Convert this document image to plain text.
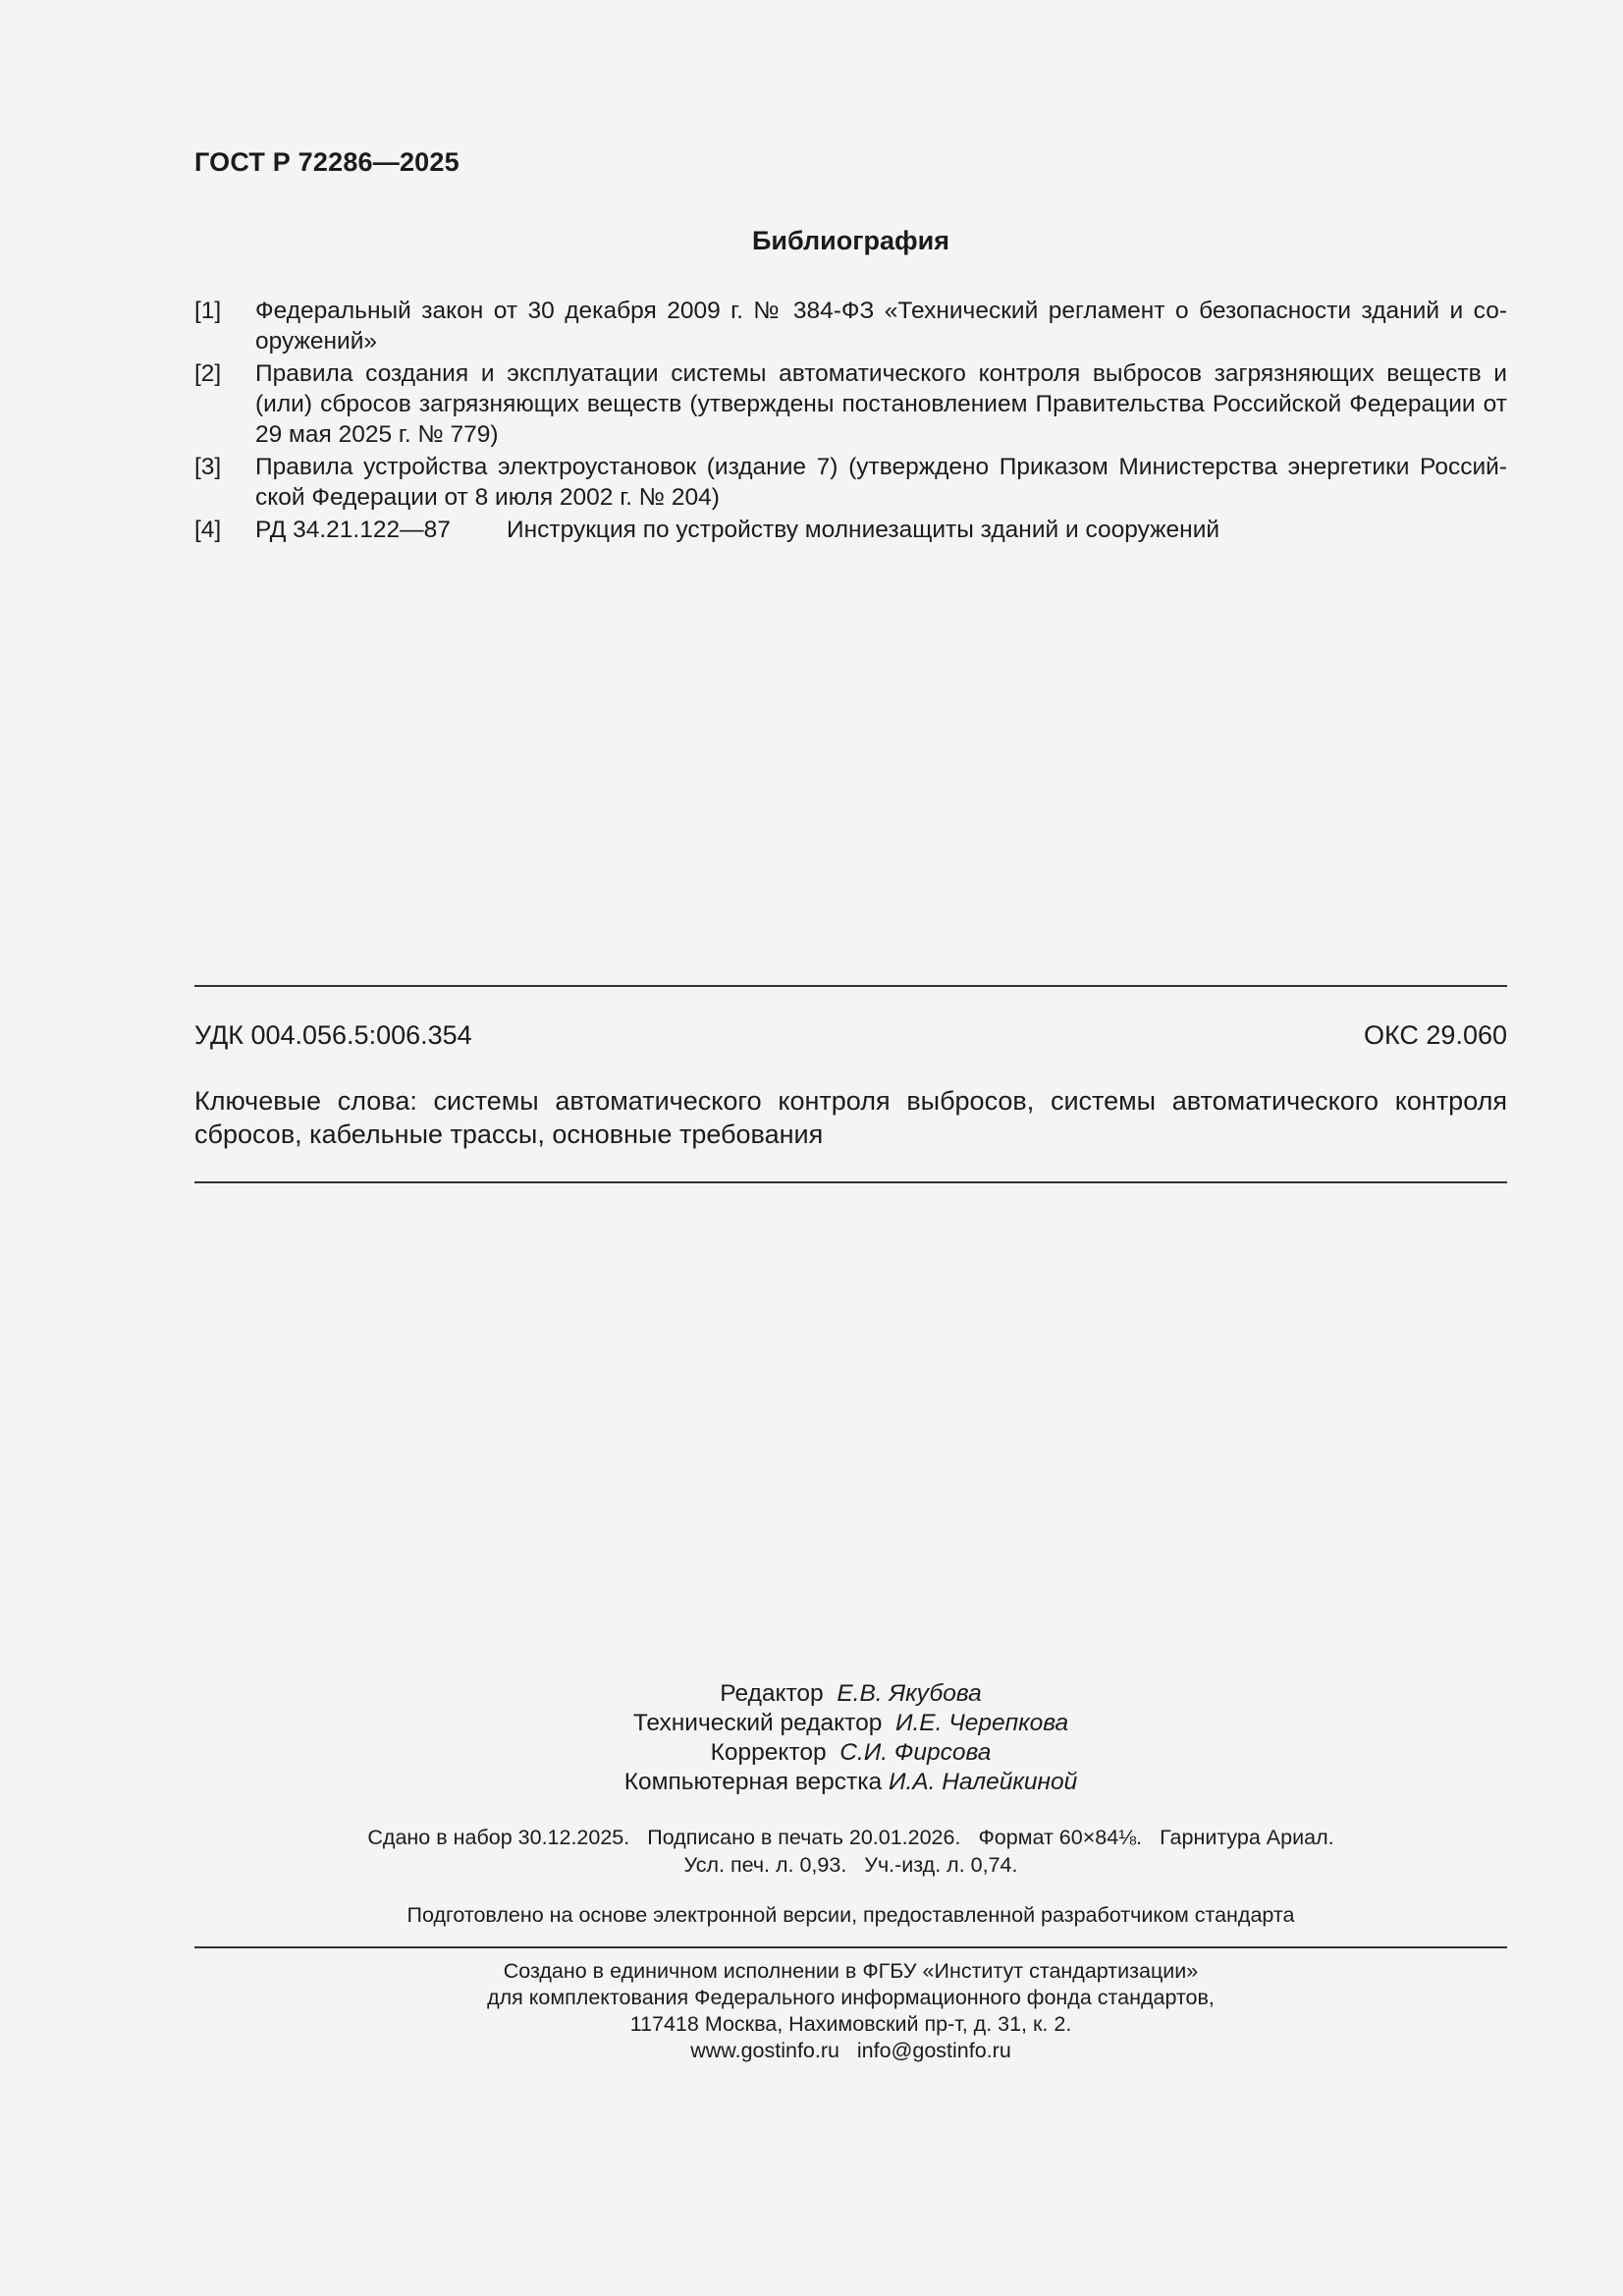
ГОСТ Р 72286—2025
Библиография
[1] Федеральный закон от 30 декабря 2009 г. № 384-ФЗ «Технический регламент о безопасности зданий и сооружений»
[2] Правила создания и эксплуатации системы автоматического контроля выбросов загрязняющих веществ и (или) сбросов загрязняющих веществ (утверждены постановлением Правительства Российской Федерации от 29 мая 2025 г. № 779)
[3] Правила устройства электроустановок (издание 7) (утверждено Приказом Министерства энергетики Российской Федерации от 8 июля 2002 г. № 204)
[4] РД 34.21.122—87 Инструкция по устройству молниезащиты зданий и сооружений
УДК 004.056.5:006.354	ОКС 29.060
Ключевые слова: системы автоматического контроля выбросов, системы автоматического контроля сбросов, кабельные трассы, основные требования
Редактор Е.В. Якубова
Технический редактор И.Е. Черепкова
Корректор С.И. Фирсова
Компьютерная верстка И.А. Налейкиной
Сдано в набор 30.12.2025. Подписано в печать 20.01.2026. Формат 60×84⅛. Гарнитура Ариал.
Усл. печ. л. 0,93. Уч.-изд. л. 0,74.
Подготовлено на основе электронной версии, предоставленной разработчиком стандарта
Создано в единичном исполнении в ФГБУ «Институт стандартизации»
для комплектования Федерального информационного фонда стандартов,
117418 Москва, Нахимовский пр-т, д. 31, к. 2.
www.gostinfo.ru info@gostinfo.ru
